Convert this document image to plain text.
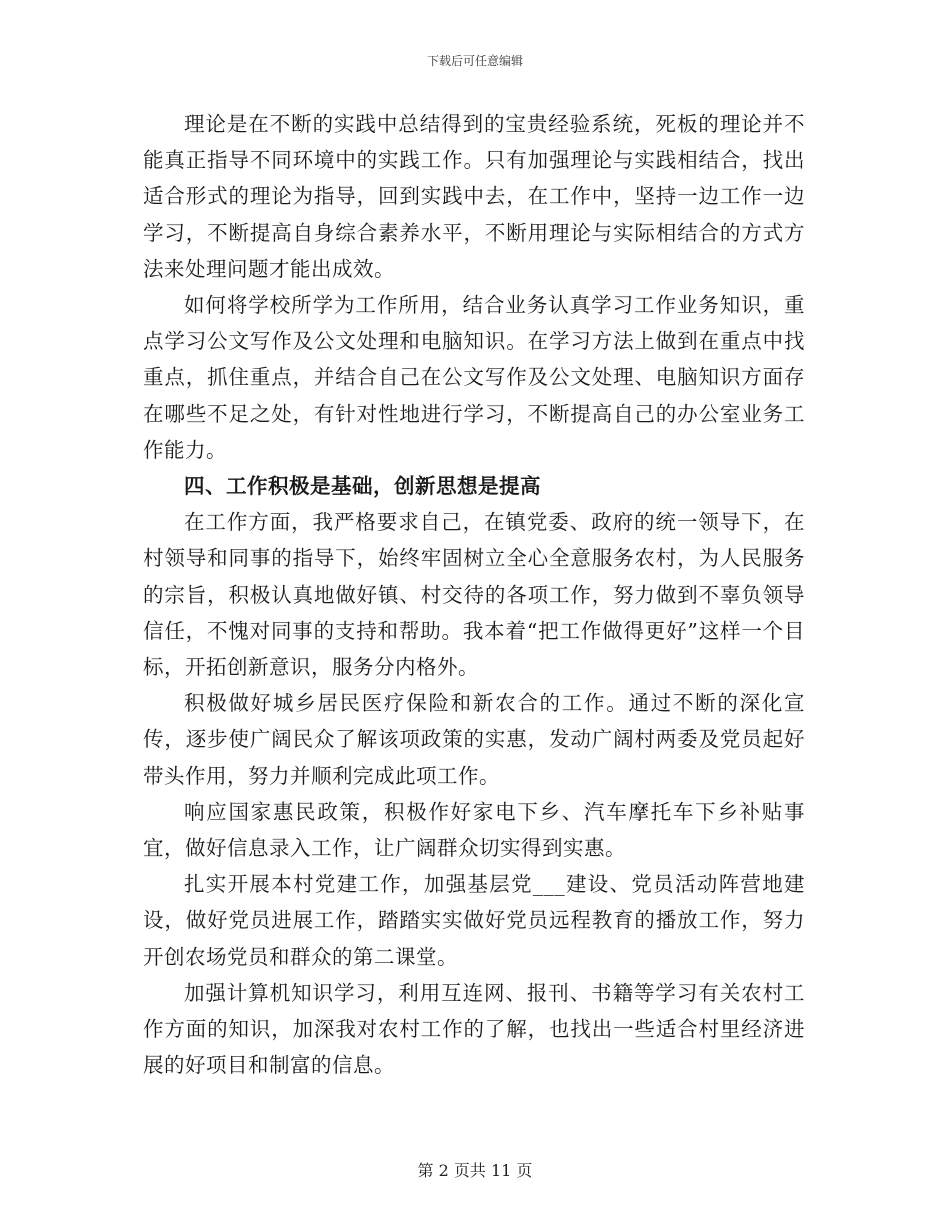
下载后可任意编辑

理论是在不断的实践中总结得到的宝贵经验系统，死板的理论并不能真正指导不同环境中的实践工作。只有加强理论与实践相结合，找出适合形式的理论为指导，回到实践中去，在工作中，坚持一边工作一边学习，不断提高自身综合素养水平，不断用理论与实际相结合的方式方法来处理问题才能出成效。

如何将学校所学为工作所用，结合业务认真学习工作业务知识，重点学习公文写作及公文处理和电脑知识。在学习方法上做到在重点中找重点，抓住重点，并结合自己在公文写作及公文处理、电脑知识方面存在哪些不足之处，有针对性地进行学习，不断提高自己的办公室业务工作能力。

四、工作积极是基础，创新思想是提高

在工作方面，我严格要求自己，在镇党委、政府的统一领导下，在村领导和同事的指导下，始终牢固树立全心全意服务农村，为人民服务的宗旨，积极认真地做好镇、村交待的各项工作，努力做到不辜负领导信任，不愧对同事的支持和帮助。我本着“把工作做得更好”这样一个目标，开拓创新意识，服务分内格外。

积极做好城乡居民医疗保险和新农合的工作。通过不断的深化宣传，逐步使广阔民众了解该项政策的实惠，发动广阔村两委及党员起好带头作用，努力并顺利完成此项工作。

响应国家惠民政策，积极作好家电下乡、汽车摩托车下乡补贴事宜，做好信息录入工作，让广阔群众切实得到实惠。

扎实开展本村党建工作，加强基层党___建设、党员活动阵营地建设，做好党员进展工作，踏踏实实做好党员远程教育的播放工作，努力开创农场党员和群众的第二课堂。

加强计算机知识学习，利用互连网、报刊、书籍等学习有关农村工作方面的知识，加深我对农村工作的了解，也找出一些适合村里经济进展的好项目和制富的信息。

第 2 页共 11 页
